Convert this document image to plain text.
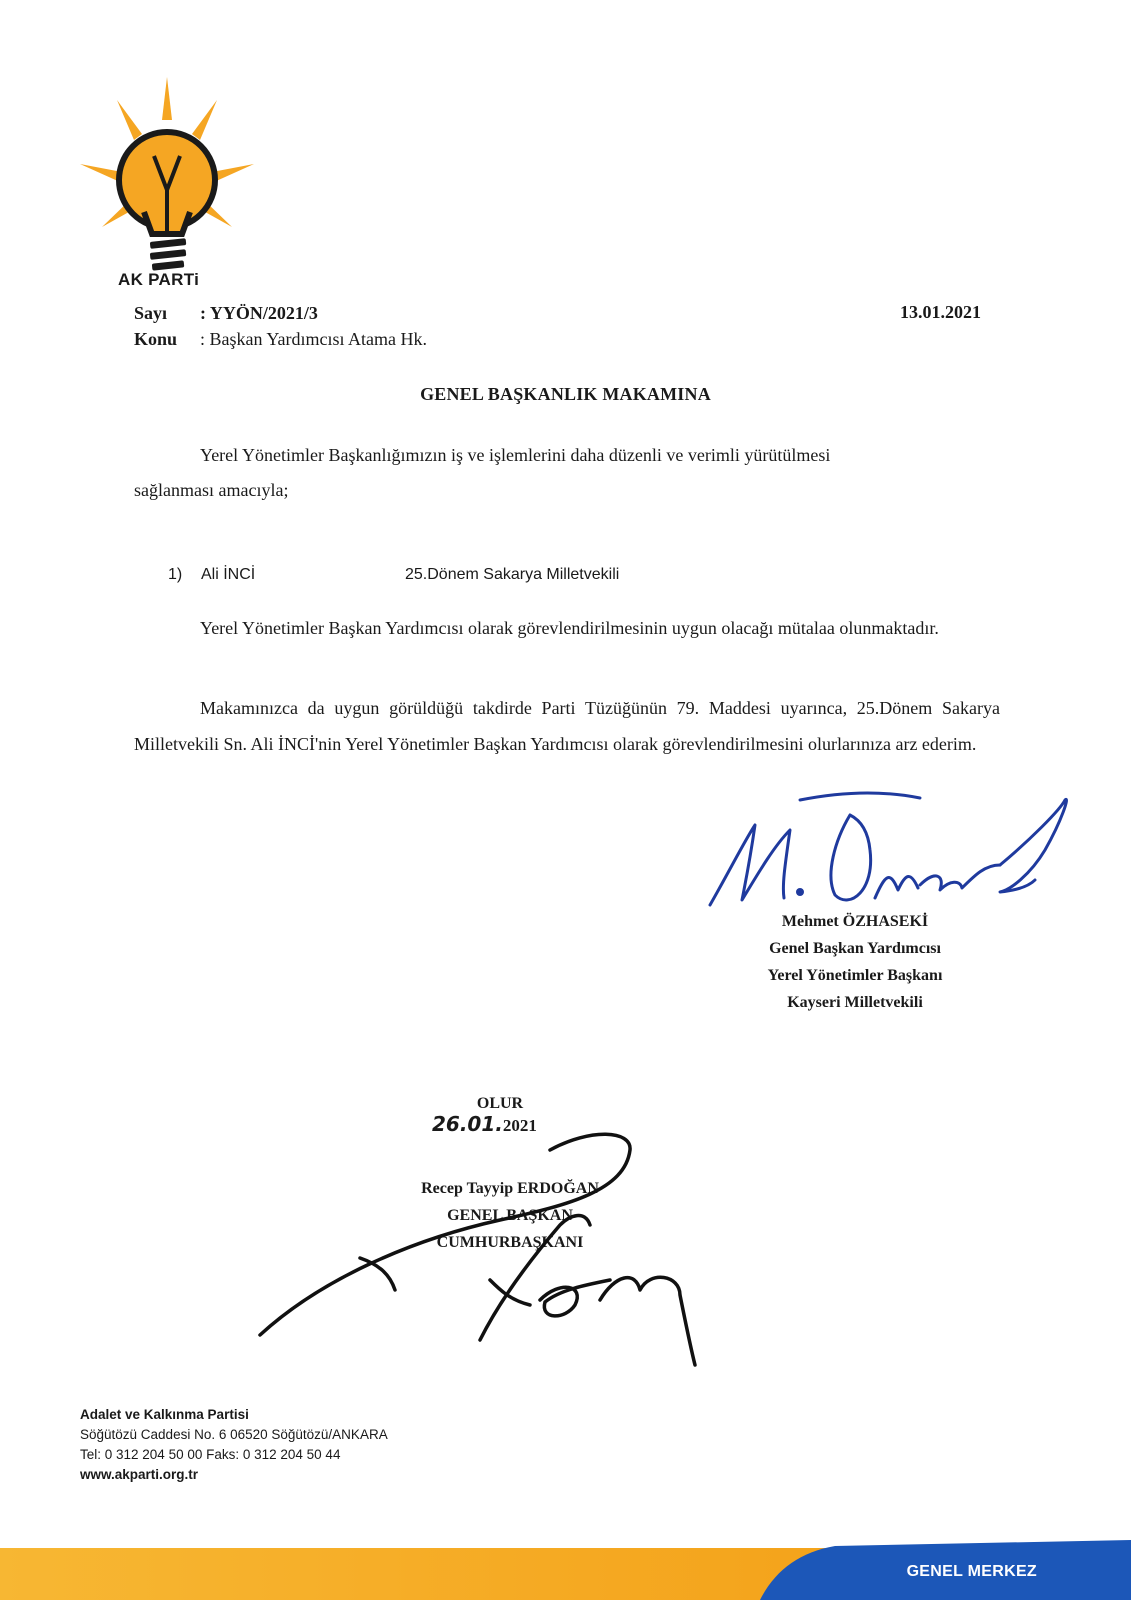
AK PARTi
Sayı : YYÖN/2021/3
Konu : Başkan Yardımcısı Atama Hk.
13.01.2021
GENEL BAŞKANLIK MAKAMINA
Yerel Yönetimler Başkanlığımızın iş ve işlemlerini daha düzenli ve verimli yürütülmesi
sağlanması amacıyla;
1) Ali İNCİ	25.Dönem Sakarya Milletvekili
Yerel Yönetimler Başkan Yardımcısı olarak görevlendirilmesinin uygun olacağı mütalaa olunmaktadır.
Makamınızca da uygun görüldüğü takdirde Parti Tüzüğünün 79. Maddesi uyarınca, 25.Dönem Sakarya Milletvekili Sn. Ali İNCİ'nin Yerel Yönetimler Başkan Yardımcısı olarak görevlendirilmesini olurlarınıza arz ederim.
Mehmet ÖZHASEKİ
Genel Başkan Yardımcısı
Yerel Yönetimler Başkanı
Kayseri Milletvekili
OLUR
26.01.2021
Recep Tayyip ERDOĞAN
GENEL BAŞKAN
CUMHURBAŞKANI
Adalet ve Kalkınma Partisi
Söğütözü Caddesi No. 6 06520 Söğütözü/ANKARA
Tel: 0 312 204 50 00 Faks: 0 312 204 50 44
www.akparti.org.tr
GENEL MERKEZ
